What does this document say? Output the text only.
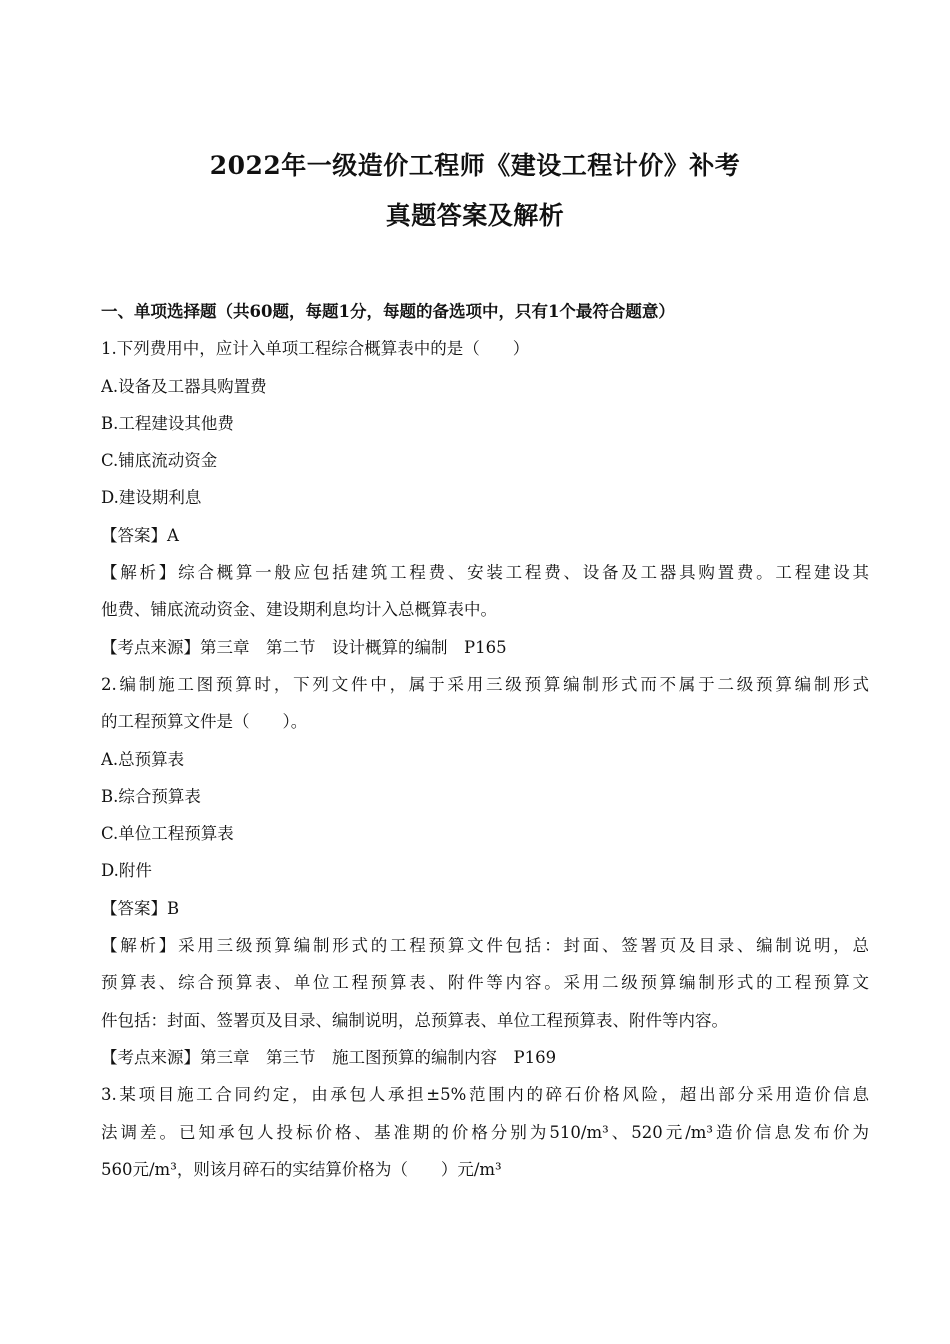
2022年一级造价工程师《建设工程计价》补考
真题答案及解析
一、单项选择题（共60题，每题1分，每题的备选项中，只有1个最符合题意）
1.下列费用中，应计入单项工程综合概算表中的是（　　）
A.设备及工器具购置费
B.工程建设其他费
C.铺底流动资金
D.建设期利息
【答案】A
【解析】综合概算一般应包括建筑工程费、安装工程费、设备及工器具购置费。工程建设其
他费、铺底流动资金、建设期利息均计入总概算表中。
【考点来源】第三章　第二节　设计概算的编制　P165
2.编制施工图预算时，下列文件中，属于采用三级预算编制形式而不属于二级预算编制形式
的工程预算文件是（　　）。
A.总预算表
B.综合预算表
C.单位工程预算表
D.附件
【答案】B
【解析】采用三级预算编制形式的工程预算文件包括：封面、签署页及目录、编制说明，总
预算表、综合预算表、单位工程预算表、附件等内容。采用二级预算编制形式的工程预算文
件包括：封面、签署页及目录、编制说明，总预算表、单位工程预算表、附件等内容。
【考点来源】第三章　第三节　施工图预算的编制内容　P169
3.某项目施工合同约定，由承包人承担±5%范围内的碎石价格风险，超出部分采用造价信息
法调差。已知承包人投标价格、基准期的价格分别为510/m³、520元/m³造价信息发布价为
560元/m³，则该月碎石的实结算价格为（　　）元/m³
